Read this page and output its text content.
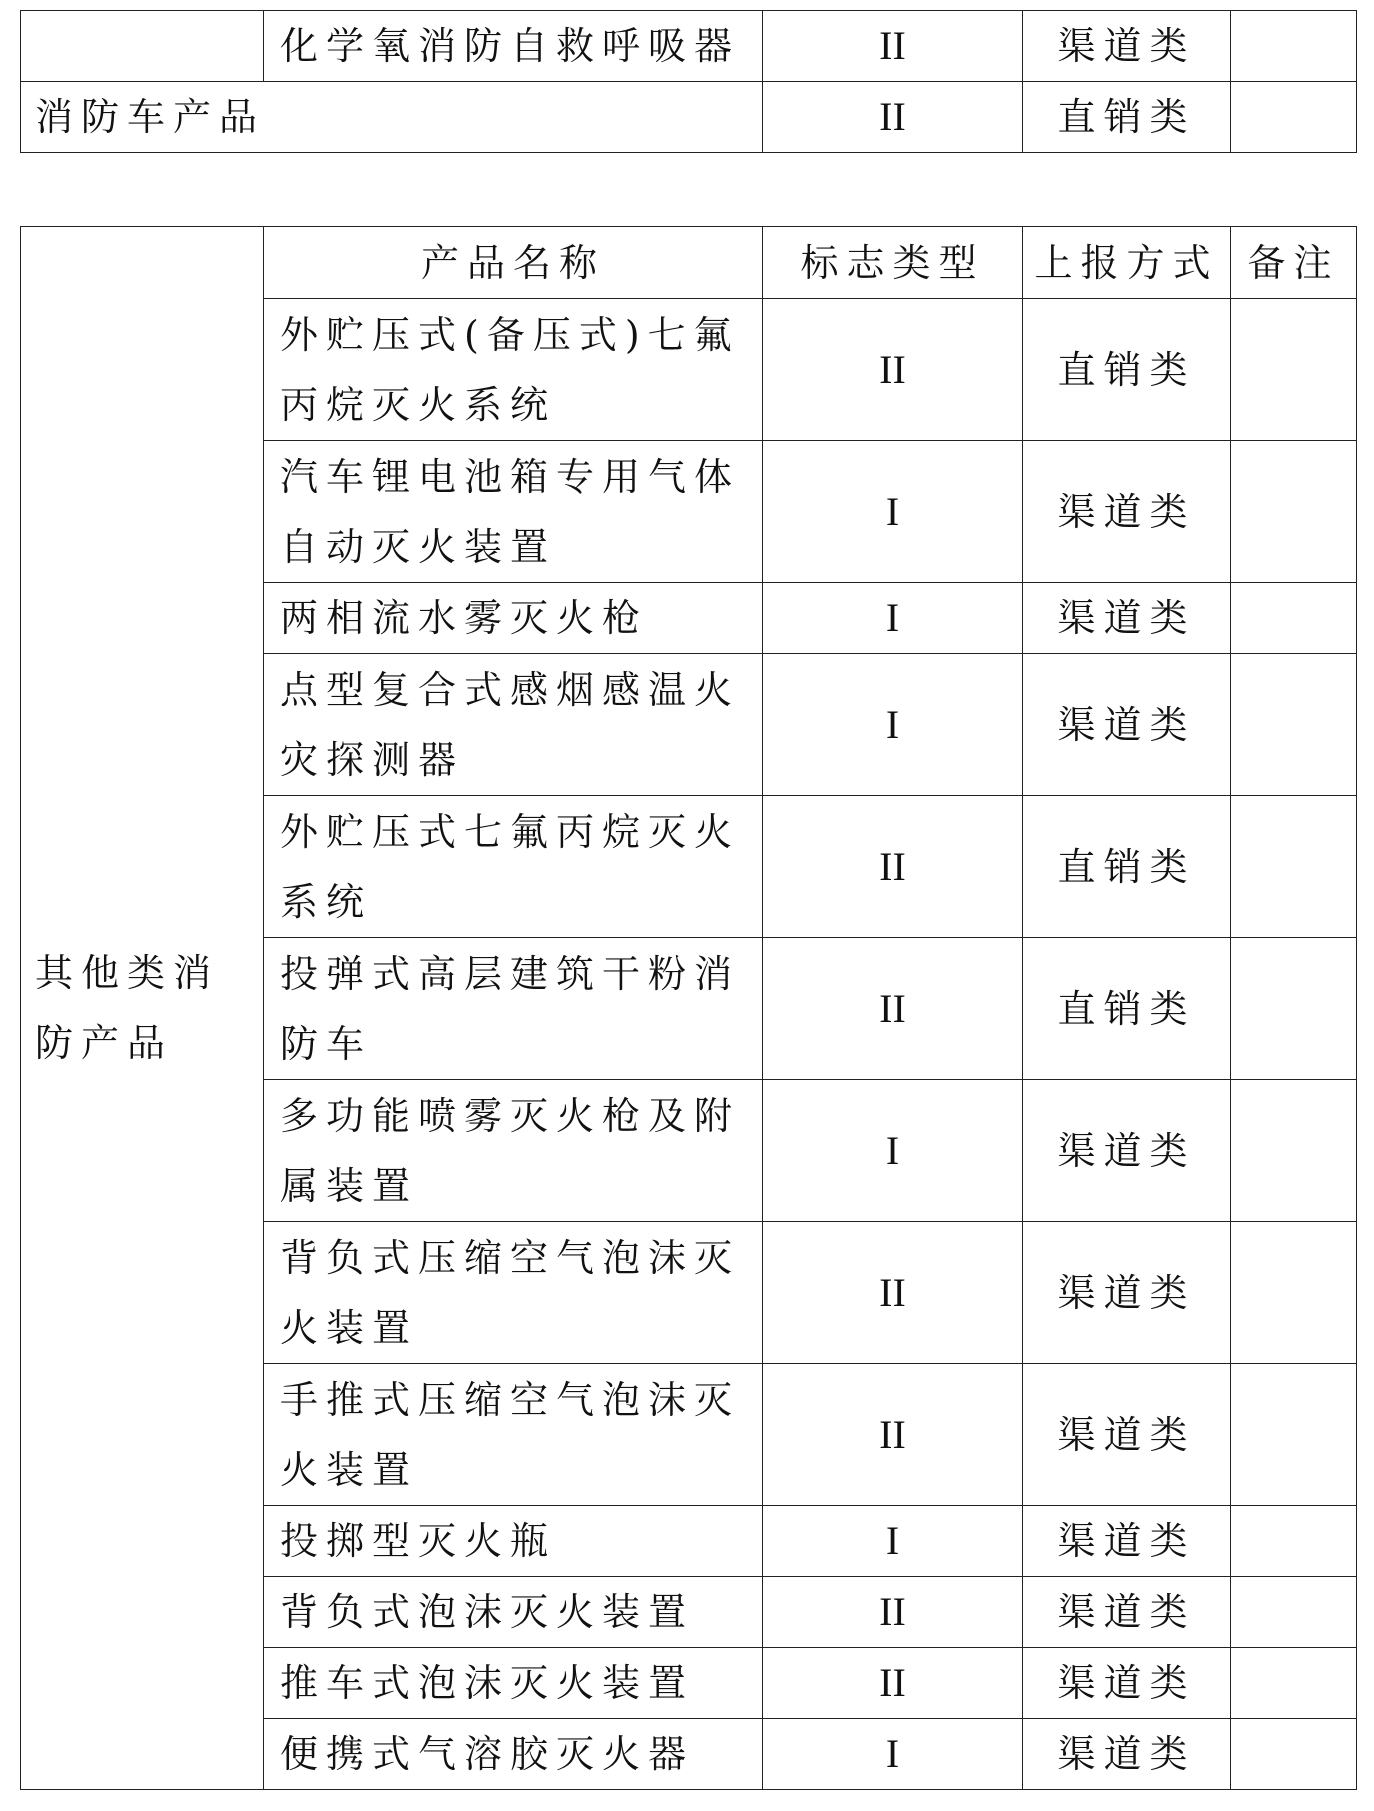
	化学氧消防自救呼吸器	II	渠道类	
消防车产品		II	直销类	
其他类消防产品	产品名称	标志类型	上报方式	备注
	外贮压式(备压式)七氟丙烷灭火系统	II	直销类	
	汽车锂电池箱专用气体自动灭火装置	I	渠道类	
	两相流水雾灭火枪	I	渠道类	
	点型复合式感烟感温火灾探测器	I	渠道类	
	外贮压式七氟丙烷灭火系统	II	直销类	
	投弹式高层建筑干粉消防车	II	直销类	
	多功能喷雾灭火枪及附属装置	I	渠道类	
	背负式压缩空气泡沫灭火装置	II	渠道类	
	手推式压缩空气泡沫灭火装置	II	渠道类	
	投掷型灭火瓶	I	渠道类	
	背负式泡沫灭火装置	II	渠道类	
	推车式泡沫灭火装置	II	渠道类	
	便携式气溶胶灭火器	I	渠道类	
